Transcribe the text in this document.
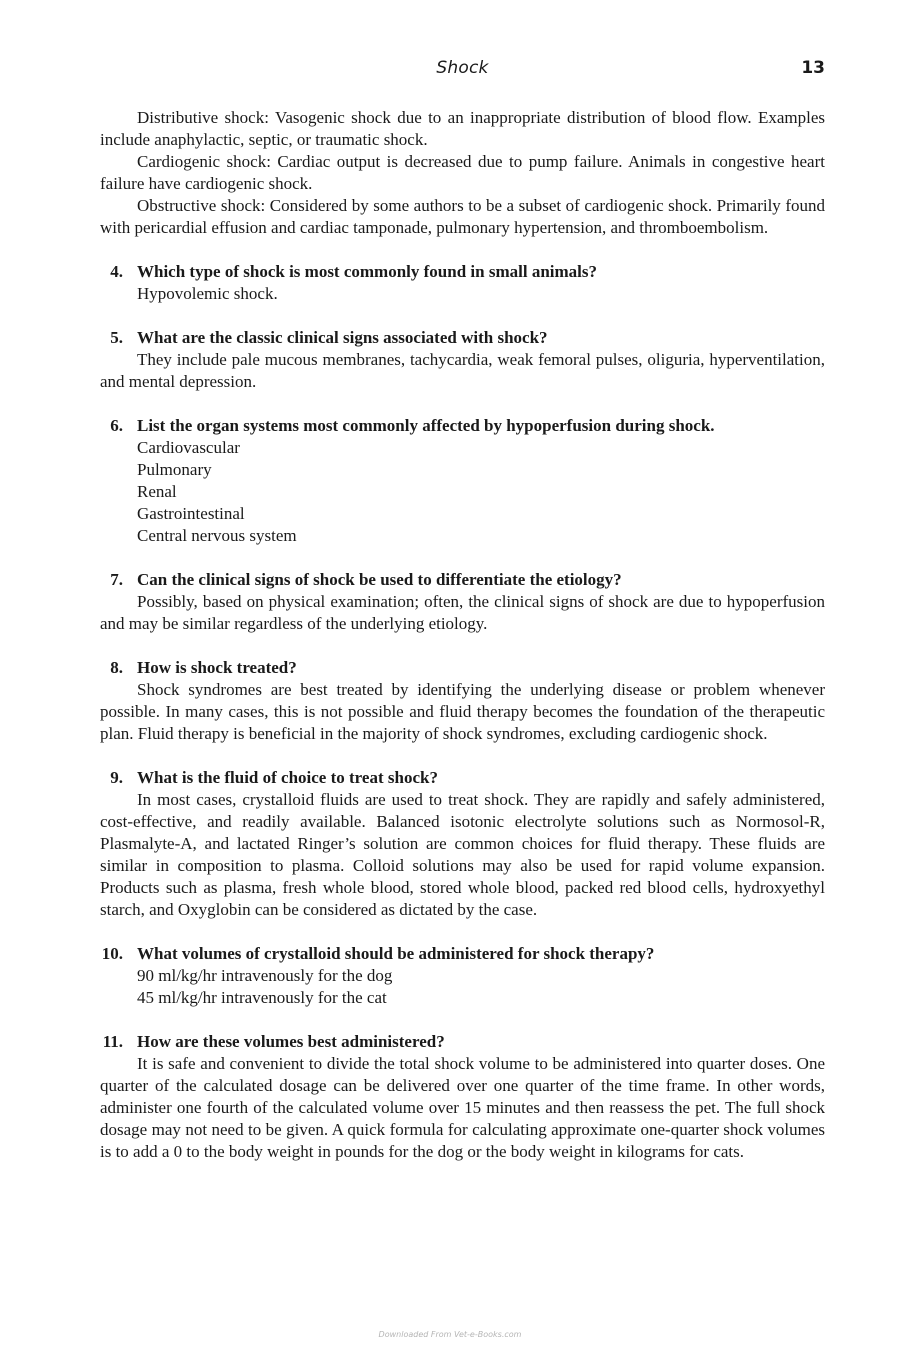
Shock	13

Distributive shock: Vasogenic shock due to an inappropriate distribution of blood flow. Examples include anaphylactic, septic, or traumatic shock.

Cardiogenic shock: Cardiac output is decreased due to pump failure. Animals in congestive heart failure have cardiogenic shock.

Obstructive shock: Considered by some authors to be a subset of cardiogenic shock. Primarily found with pericardial effusion and cardiac tamponade, pulmonary hypertension, and thromboembolism.

4. Which type of shock is most commonly found in small animals?
Hypovolemic shock.
5. What are the classic clinical signs associated with shock?

They include pale mucous membranes, tachycardia, weak femoral pulses, oliguria, hyperventilation, and mental depression.

6. List the organ systems most commonly affected by hypoperfusion during shock.
Cardiovascular
Pulmonary
Renal
Gastrointestinal
Central nervous system
7. Can the clinical signs of shock be used to differentiate the etiology?

Possibly, based on physical examination; often, the clinical signs of shock are due to hypoperfusion and may be similar regardless of the underlying etiology.

8. How is shock treated?

Shock syndromes are best treated by identifying the underlying disease or problem whenever possible. In many cases, this is not possible and fluid therapy becomes the foundation of the therapeutic plan. Fluid therapy is beneficial in the majority of shock syndromes, excluding cardiogenic shock.

9. What is the fluid of choice to treat shock?

In most cases, crystalloid fluids are used to treat shock. They are rapidly and safely administered, cost-effective, and readily available. Balanced isotonic electrolyte solutions such as Normosol-R, Plasmalyte-A, and lactated Ringer’s solution are common choices for fluid therapy. These fluids are similar in composition to plasma. Colloid solutions may also be used for rapid volume expansion. Products such as plasma, fresh whole blood, stored whole blood, packed red blood cells, hydroxyethyl starch, and Oxyglobin can be considered as dictated by the case.

10. What volumes of crystalloid should be administered for shock therapy?
90 ml/kg/hr intravenously for the dog
45 ml/kg/hr intravenously for the cat
11. How are these volumes best administered?

It is safe and convenient to divide the total shock volume to be administered into quarter doses. One quarter of the calculated dosage can be delivered over one quarter of the time frame. In other words, administer one fourth of the calculated volume over 15 minutes and then reassess the pet. The full shock dosage may not need to be given. A quick formula for calculating approximate one-quarter shock volumes is to add a 0 to the body weight in pounds for the dog or the body weight in kilograms for cats.

Downloaded From Vet-e-Books.com
